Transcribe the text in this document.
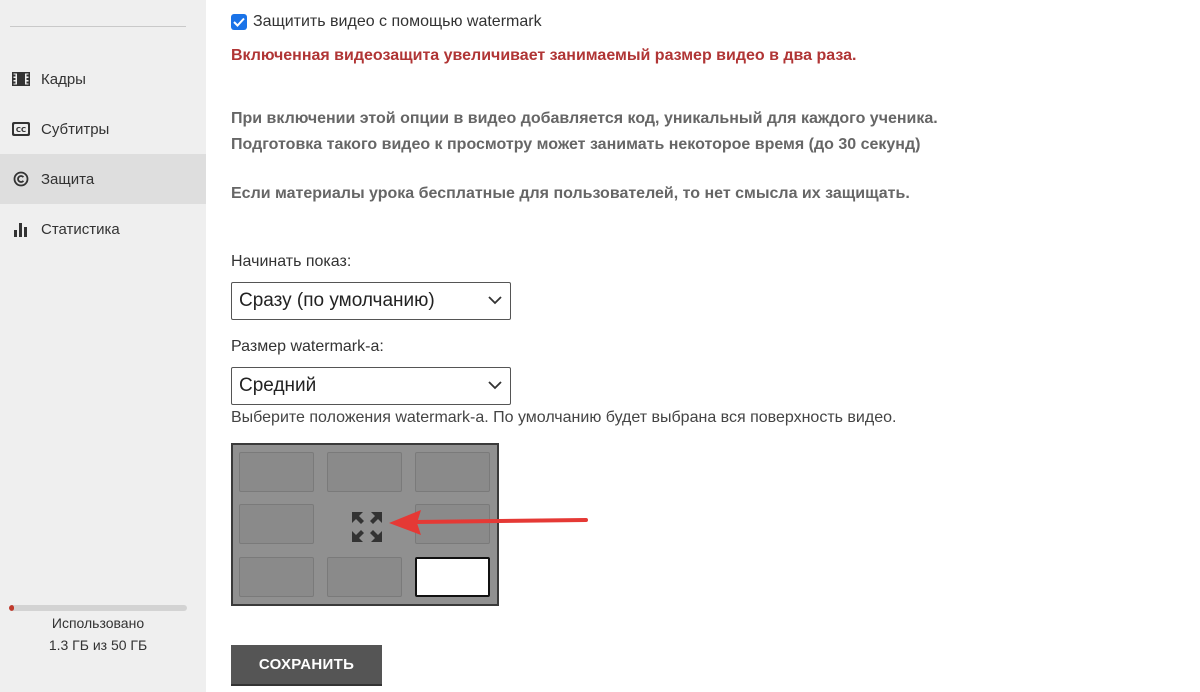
Кадры
CC Субтитры
Защита
Статистика
Использовано
1.3 ГБ из 50 ГБ
Защитить видео с помощью watermark
Включенная видеозащита увеличивает занимаемый размер видео в два раза.
При включении этой опции в видео добавляется код, уникальный для каждого ученика.
Подготовка такого видео к просмотру может занимать некоторое время (до 30 секунд)
Если материалы урока бесплатные для пользователей, то нет смысла их защищать.
Начинать показ:
Сразу (по умолчанию)
Размер watermark-а:
Средний
Выберите положения watermark-а. По умолчанию будет выбрана вся поверхность видео.
СОХРАНИТЬ
